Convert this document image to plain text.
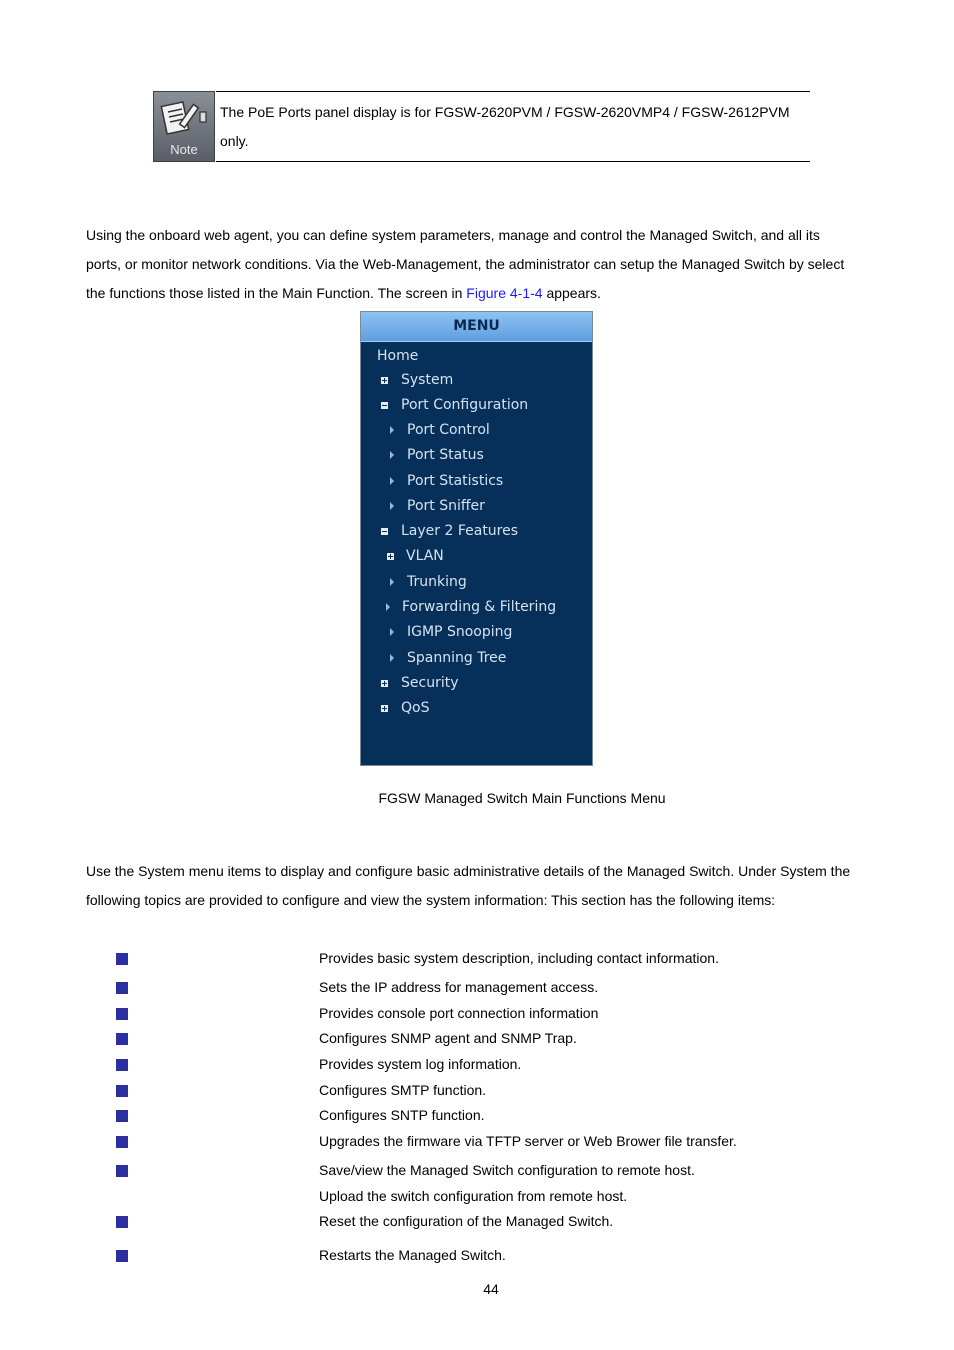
Note
The PoE Ports panel display is for FGSW-2620PVM / FGSW-2620VMP4 / FGSW-2612PVM
only.
Using the onboard web agent, you can define system parameters, manage and control the Managed Switch, and all its
ports, or monitor network conditions. Via the Web-Management, the administrator can setup the Managed Switch by select
the functions those listed in the Main Function. The screen in Figure 4-1-4 appears.
MENU
Home
System
Port Configuration
Port Control
Port Status
Port Statistics
Port Sniffer
Layer 2 Features
VLAN
Trunking
Forwarding & Filtering
IGMP Snooping
Spanning Tree
Security
QoS
FGSW Managed Switch Main Functions Menu
Use the System menu items to display and configure basic administrative details of the Managed Switch. Under System the
following topics are provided to configure and view the system information: This section has the following items:
Provides basic system description, including contact information.
Sets the IP address for management access.
Provides console port connection information
Configures SNMP agent and SNMP Trap.
Provides system log information.
Configures SMTP function.
Configures SNTP function.
Upgrades the firmware via TFTP server or Web Brower file transfer.
Save/view the Managed Switch configuration to remote host.
Upload the switch configuration from remote host.
Reset the configuration of the Managed Switch.
Restarts the Managed Switch.
44
